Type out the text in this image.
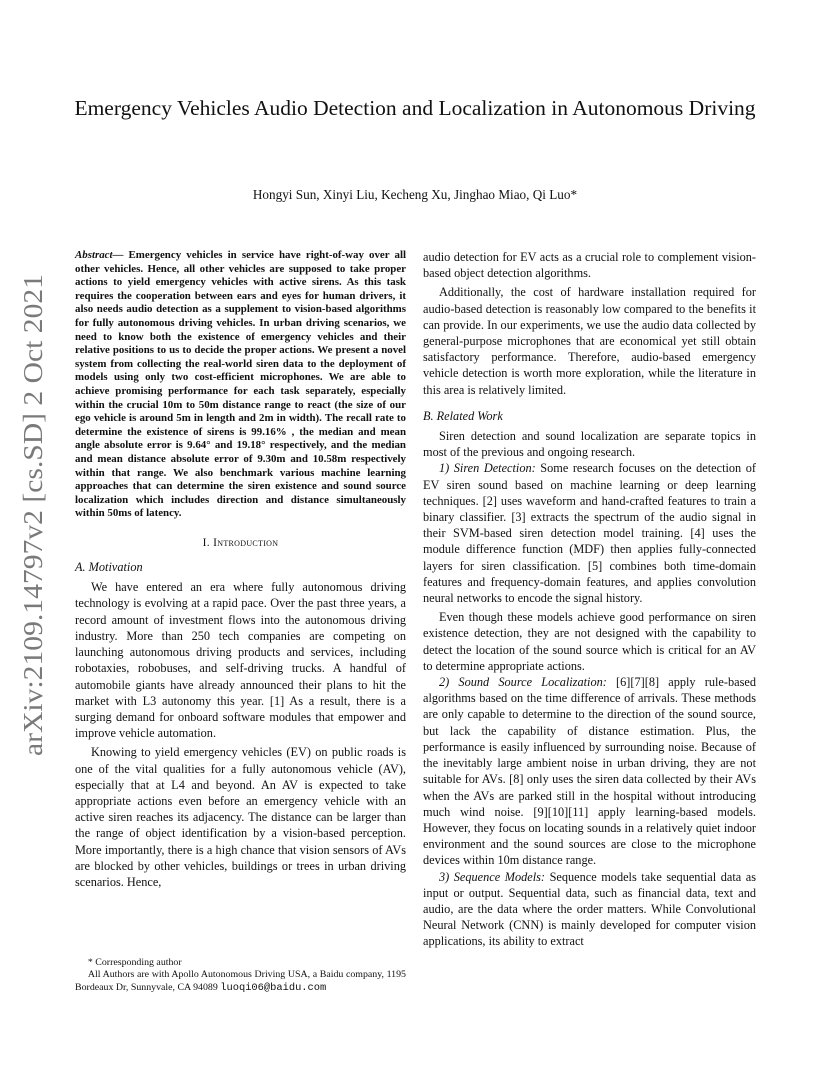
arXiv:2109.14797v2 [cs.SD] 2 Oct 2021
Emergency Vehicles Audio Detection and Localization in Autonomous Driving
Hongyi Sun, Xinyi Liu, Kecheng Xu, Jinghao Miao, Qi Luo*

Abstract— Emergency vehicles in service have right-of-way over all other vehicles. Hence, all other vehicles are supposed to take proper actions to yield emergency vehicles with active sirens. As this task requires the cooperation between ears and eyes for human drivers, it also needs audio detection as a supplement to vision-based algorithms for fully autonomous driving vehicles. In urban driving scenarios, we need to know both the existence of emergency vehicles and their relative positions to us to decide the proper actions. We present a novel system from collecting the real-world siren data to the deployment of models using only two cost-efficient microphones. We are able to achieve promising performance for each task separately, especially within the crucial 10m to 50m distance range to react (the size of our ego vehicle is around 5m in length and 2m in width). The recall rate to determine the existence of sirens is 99.16% , the median and mean angle absolute error is 9.64° and 19.18° respectively, and the median and mean distance absolute error of 9.30m and 10.58m respectively within that range. We also benchmark various machine learning approaches that can determine the siren existence and sound source localization which includes direction and distance simultaneously within 50ms of latency.

I. Introduction
A. Motivation

We have entered an era where fully autonomous driving technology is evolving at a rapid pace. Over the past three years, a record amount of investment flows into the autonomous driving industry. More than 250 tech companies are competing on launching autonomous driving products and services, including robotaxies, robobuses, and self-driving trucks. A handful of automobile giants have already announced their plans to hit the market with L3 autonomy this year. [1] As a result, there is a surging demand for onboard software modules that empower and improve vehicle automation.

Knowing to yield emergency vehicles (EV) on public roads is one of the vital qualities for a fully autonomous vehicle (AV), especially that at L4 and beyond. An AV is expected to take appropriate actions even before an emergency vehicle with an active siren reaches its adjacency. The distance can be larger than the range of object identification by a vision-based perception. More importantly, there is a high chance that vision sensors of AVs are blocked by other vehicles, buildings or trees in urban driving scenarios. Hence,

* Corresponding author
All Authors are with Apollo Autonomous Driving USA, a Baidu company, 1195 Bordeaux Dr, Sunnyvale, CA 94089 luoqi06@baidu.com

audio detection for EV acts as a crucial role to complement vision-based object detection algorithms.

Additionally, the cost of hardware installation required for audio-based detection is reasonably low compared to the benefits it can provide. In our experiments, we use the audio data collected by general-purpose microphones that are economical yet still obtain satisfactory performance. Therefore, audio-based emergency vehicle detection is worth more exploration, while the literature in this area is relatively limited.

B. Related Work

Siren detection and sound localization are separate topics in most of the previous and ongoing research.

1) Siren Detection: Some research focuses on the detection of EV siren sound based on machine learning or deep learning techniques. [2] uses waveform and hand-crafted features to train a binary classifier. [3] extracts the spectrum of the audio signal in their SVM-based siren detection model training. [4] uses the module difference function (MDF) then applies fully-connected layers for siren classification. [5] combines both time-domain features and frequency-domain features, and applies convolution neural networks to encode the signal history.

Even though these models achieve good performance on siren existence detection, they are not designed with the capability to detect the location of the sound source which is critical for an AV to determine appropriate actions.

2) Sound Source Localization: [6][7][8] apply rule-based algorithms based on the time difference of arrivals. These methods are only capable to determine to the direction of the sound source, but lack the capability of distance estimation. Plus, the performance is easily influenced by surrounding noise. Because of the inevitably large ambient noise in urban driving, they are not suitable for AVs. [8] only uses the siren data collected by their AVs when the AVs are parked still in the hospital without introducing much wind noise. [9][10][11] apply learning-based models. However, they focus on locating sounds in a relatively quiet indoor environment and the sound sources are close to the microphone devices within 10m distance range.

3) Sequence Models: Sequence models take sequential data as input or output. Sequential data, such as financial data, text and audio, are the data where the order matters. While Convolutional Neural Network (CNN) is mainly developed for computer vision applications, its ability to extract
